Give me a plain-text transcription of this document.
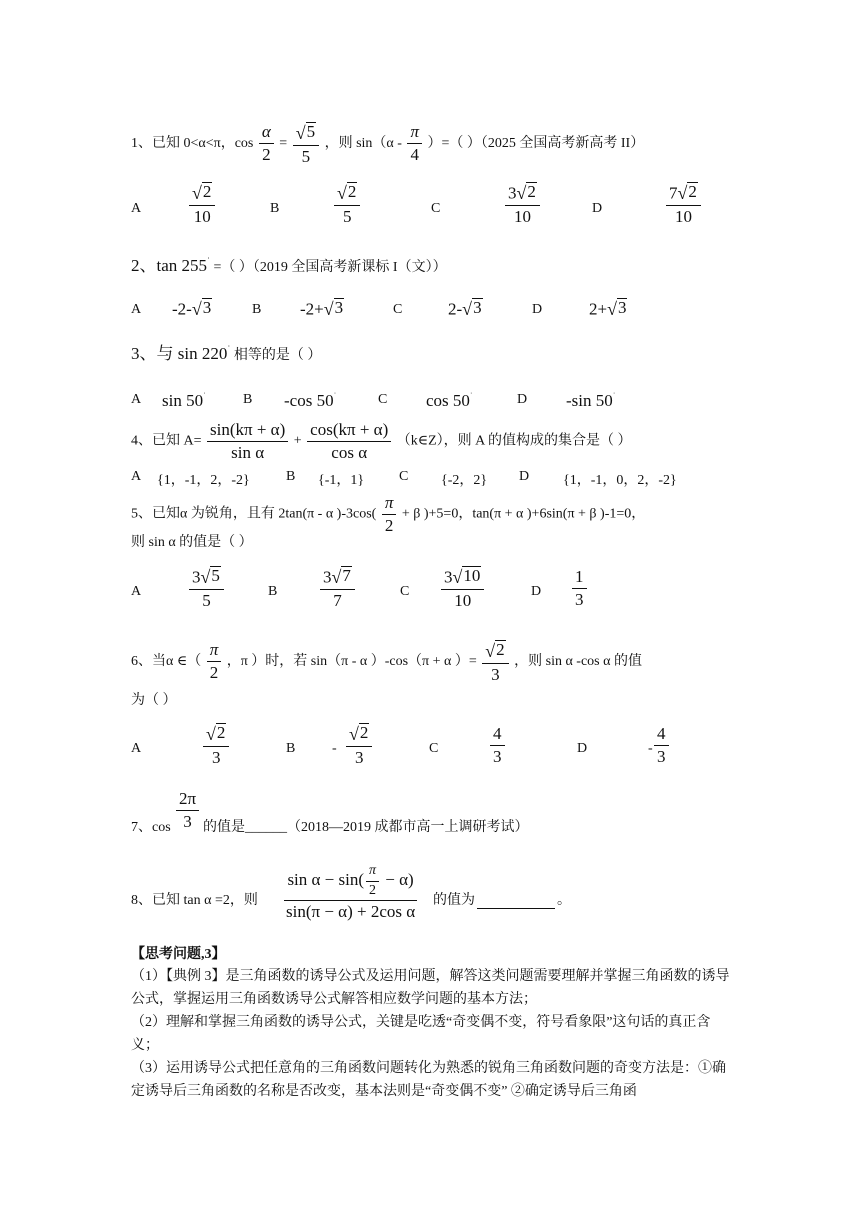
1、已知 0<α<π，$\cos \frac{\alpha}{2} = \frac{√ 5}{5}$ ，则 $\sin(\alpha - \frac{\pi}{4}$ ）=（ ）（2025 全国高考新高考 II）
A	$\frac{√ 2}{10}$	B	$\frac{√ 2}{5}$	C	$\frac{3 √ 2}{10}$	D	$\frac{7 √ 2}{10}$
2、tan 255˙ =（ ）（2019 全国高考新课标 I（文））
A -2- √ 3	B -2+ √ 3	C	2- √ 3	D	2+ √ 3
3、与 sin 220˙ 相等的是（ ）
A sin 50˙	B -cos 50˙	C cos 50˙	D -sin 50˙
4、已知 $A= \frac{\sin(k\pi + \alpha)}{\text{sin α}} + \frac{\cos(k\pi + \alpha)}{\text{cos α}}$ （k∈Z），则 A 的值构成的集合是（ ）
A {1，-1，2，-2}	B {-1，1} C {-2，2} D {1，-1，0，2，-2}
5、已知α 为锐角，且有 2tan(π - α )$-3\cos( \frac{\pi}{2} + \beta$ )+5=0，tan(π + α )+6sin(π + β )-1=0，
则 sin α 的值是（ ）
A	$\frac{3 √ 5}{5}$	B	$\frac{3 √ 7}{7}$	C $\frac{3 √ 10}{10}$	D $\frac{1}{3}$
6、当α ∈（ $\frac{\pi}{2}$ ，π ）时，若 sin（π - α ）-cos（π + α ）= $\frac{√ 2}{3}$ ，则 sin α -cos α 的值
为（ ）
A	$\frac{√ 2}{3}$	B	- $\frac{√ 2}{3}$	C	$\frac{4}{3}$	D	- $\frac{4}{3}$
7、$\cos \frac{2\pi}{3}$ 的值是______（2018—2019 成都市高一上调研考试）
8、已知 tan α =2，则 $\frac{\sin \alpha - \sin( \frac{\pi}{2} - \alpha)}{\text{sin(π − α) + 2cos α}}$ 的值为	。
【思考问题,3】
（1）【典例 3】是三角函数的诱导公式及运用问题，解答这类问题需要理解并掌握三角函数的诱导公式，掌握运用三角函数诱导公式解答相应数学问题的基本方法；
（2）理解和掌握三角函数的诱导公式，关键是吃透“奇变偶不变，符号看象限”这句话的真正含义；
（3）运用诱导公式把任意角的三角函数问题转化为熟悉的锐角三角函数问题的奇变方法是：①确定诱导后三角函数的名称是否改变，基本法则是“奇变偶不变” ②确定诱导后三角函
